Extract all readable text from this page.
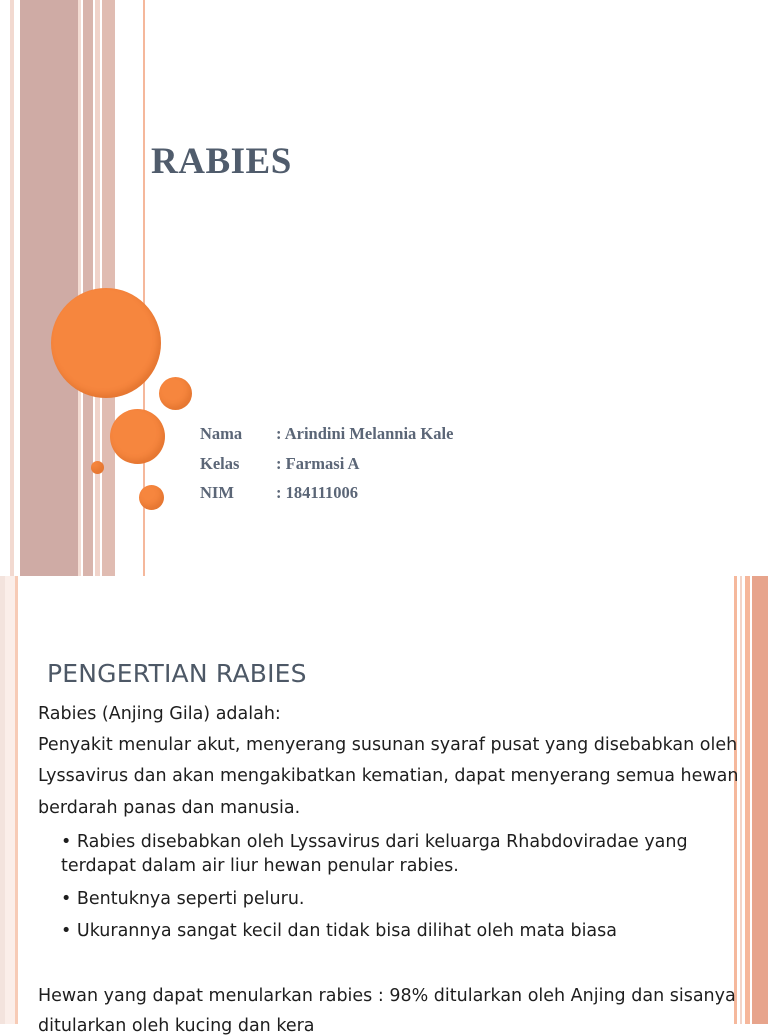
RABIES
Nama	: Arindini Melannia Kale
Kelas	: Farmasi A
NIM	: 184111006
PENGERTIAN RABIES
Rabies (Anjing Gila) adalah:
Penyakit menular akut, menyerang susunan syaraf pusat yang disebabkan oleh
Lyssavirus dan akan mengakibatkan kematian, dapat menyerang semua hewan
berdarah panas dan manusia.
• Rabies disebabkan oleh Lyssavirus dari keluarga Rhabdoviradae yang
terdapat dalam air liur hewan penular rabies.
• Bentuknya seperti peluru.
• Ukurannya sangat kecil dan tidak bisa dilihat oleh mata biasa
Hewan yang dapat menularkan rabies : 98% ditularkan oleh Anjing dan sisanya
ditularkan oleh kucing dan kera
